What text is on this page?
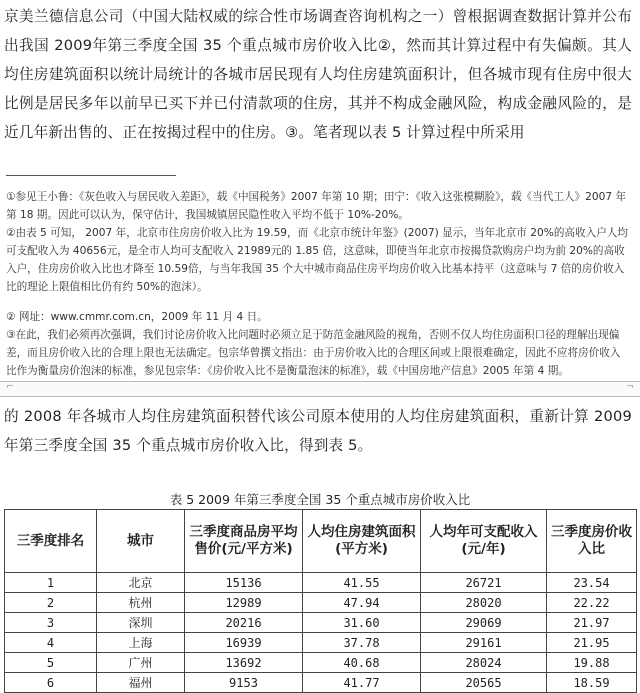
京美兰德信息公司（中国大陆权威的综合性市场调查咨询机构之一）曾根据调查数据计算并公布出我国 2009年第三季度全国 35 个重点城市房价收入比②，然而其计算过程中有失偏颇。其人均住房建筑面积以统计局统计的各城市居民现有人均住房建筑面积计，但各城市现有住房中很大比例是居民多年以前早已买下并已付清款项的住房，其并不构成金融风险，构成金融风险的，是近几年新出售的、正在按揭过程中的住房。③。笔者现以表 5 计算过程中所采用

①参见王小鲁：《灰色收入与居民收入差距》，载《中国税务》2007 年第 10 期；田宁：《收入这张模糊脸》，载《当代工人》2007 年第 18 期。因此可以认为，保守估计，我国城镇居民隐性收入平均不低于 10%-20%。

②由表 5 可知， 2007 年，北京市住房房价收入比为 19.59，而《北京市统计年鉴》(2007) 显示，当年北京市 20%的高收入户人均可支配收入为 40656元，是全市人均可支配收入 21989元的 1.85 倍，这意味，即使当年北京市按揭贷款购房户均为前 20%的高收入户，住房房价收入比也才降至 10.59倍，与当年我国 35 个大中城市商品住房平均房价收入比基本持平（这意味与 7 倍的房价收入比的理论上限值相比仍有约 50%的泡沫）。

② 网址：www.cmmr.com.cn，2009 年 11 月 4 日。

③在此，我们必须再次强调，我们讨论房价收入比问题时必须立足于防范金融风险的视角，否则不仅人均住房面积口径的理解出现偏差，而且房价收入比的合理上限也无法确定。包宗华曾撰文指出：由于房价收入比的合理区间或上限很难确定，因此不应将房价收入比作为衡量房价泡沫的标准，参见包宗华：《房价收入比不是衡量泡沫的标准》，载《中国房地产信息》2005 年第 4 期。

⌐	¬
的 2008 年各城市人均住房建筑面积替代该公司原本使用的人均住房建筑面积，重新计算 2009年第三季度全国 35 个重点城市房价收入比，得到表 5。
表 5 2009 年第三季度全国 35 个重点城市房价收入比
三季度排名	城市	三季度商品房平均售价(元/平方米)	人均住房建筑面积(平方米)	人均年可支配收入(元/年)	三季度房价收入比
1	北京	15136	41.55	26721	23.54
2	杭州	12989	47.94	28020	22.22
3	深圳	20216	31.60	29069	21.97
4	上海	16939	37.78	29161	21.95
5	广州	13692	40.68	28024	19.88
6	福州	9153	41.77	20565	18.59
